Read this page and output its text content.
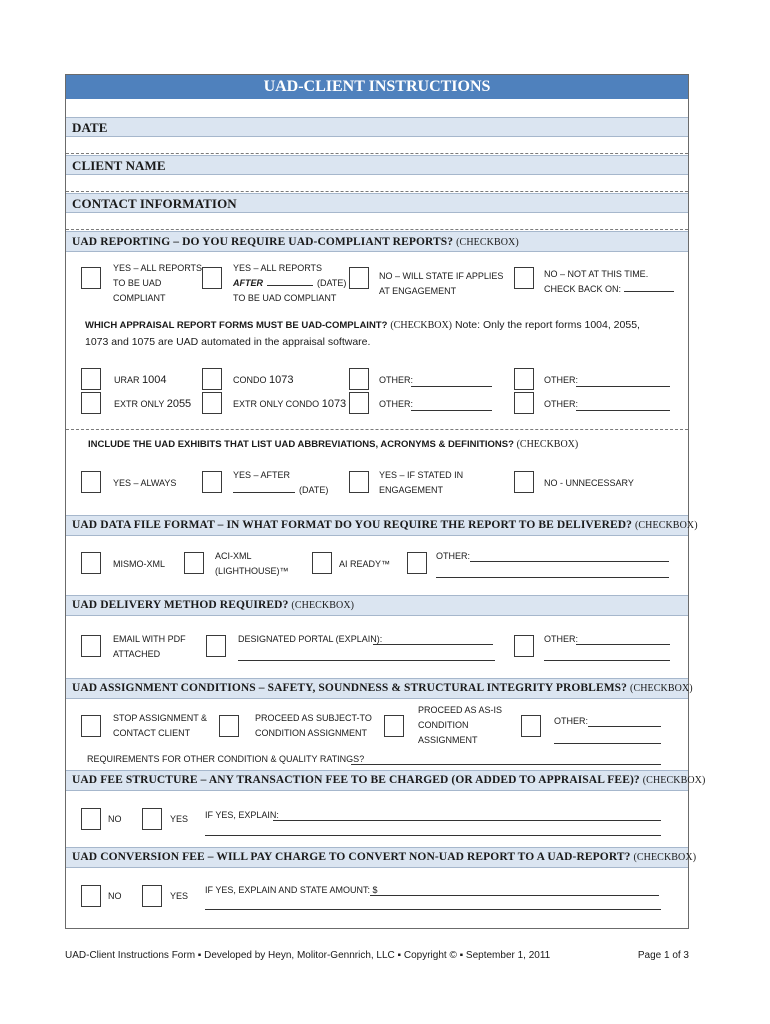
UAD-CLIENT INSTRUCTIONS
DATE
CLIENT NAME
CONTACT INFORMATION
UAD REPORTING – DO YOU REQUIRE UAD-COMPLIANT REPORTS? (CHECKBOX)
YES – ALL REPORTS
TO BE UAD
COMPLIANT
YES – ALL REPORTS
AFTER	(DATE)
TO BE UAD COMPLIANT
NO – WILL STATE IF APPLIES
AT ENGAGEMENT
NO – NOT AT THIS TIME.
CHECK BACK ON:
WHICH APPRAISAL REPORT FORMS MUST BE UAD-COMPLAINT? (CHECKBOX) Note: Only the report forms 1004, 2055,
1073 and 1075 are UAD automated in the appraisal software.
URAR 1004	CONDO 1073	OTHER:	OTHER:
EXTR ONLY 2055	EXTR ONLY CONDO 1073	OTHER:	OTHER:
INCLUDE THE UAD EXHIBITS THAT LIST UAD ABBREVIATIONS, ACRONYMS & DEFINITIONS? (CHECKBOX)
YES – ALWAYS
YES – AFTER
(DATE)
YES – IF STATED IN
ENGAGEMENT
NO - UNNECESSARY
UAD DATA FILE FORMAT – IN WHAT FORMAT DO YOU REQUIRE THE REPORT TO BE DELIVERED? (CHECKBOX)
MISMO-XML
ACI-XML
(LIGHTHOUSE)™
AI READY™
OTHER:
UAD DELIVERY METHOD REQUIRED? (CHECKBOX)
EMAIL WITH PDF
ATTACHED
DESIGNATED PORTAL (EXPLAIN):	OTHER:
UAD ASSIGNMENT CONDITIONS – SAFETY, SOUNDNESS & STRUCTURAL INTEGRITY PROBLEMS? (CHECKBOX)
STOP ASSIGNMENT &
CONTACT CLIENT
PROCEED AS SUBJECT-TO
CONDITION ASSIGNMENT
PROCEED AS AS-IS
CONDITION
ASSIGNMENT
OTHER:
REQUIREMENTS FOR OTHER CONDITION & QUALITY RATINGS?
UAD FEE STRUCTURE – ANY TRANSACTION FEE TO BE CHARGED (OR ADDED TO APPRAISAL FEE)? (CHECKBOX)
NO	YES IF YES, EXPLAIN:
UAD CONVERSION FEE – WILL PAY CHARGE TO CONVERT NON-UAD REPORT TO A UAD-REPORT? (CHECKBOX)
NO	YES
IF YES, EXPLAIN AND STATE AMOUNT: $
UAD-Client Instructions Form ▪ Developed by Heyn, Molitor-Gennrich, LLC ▪ Copyright © ▪ September 1, 2011	Page 1 of 3
